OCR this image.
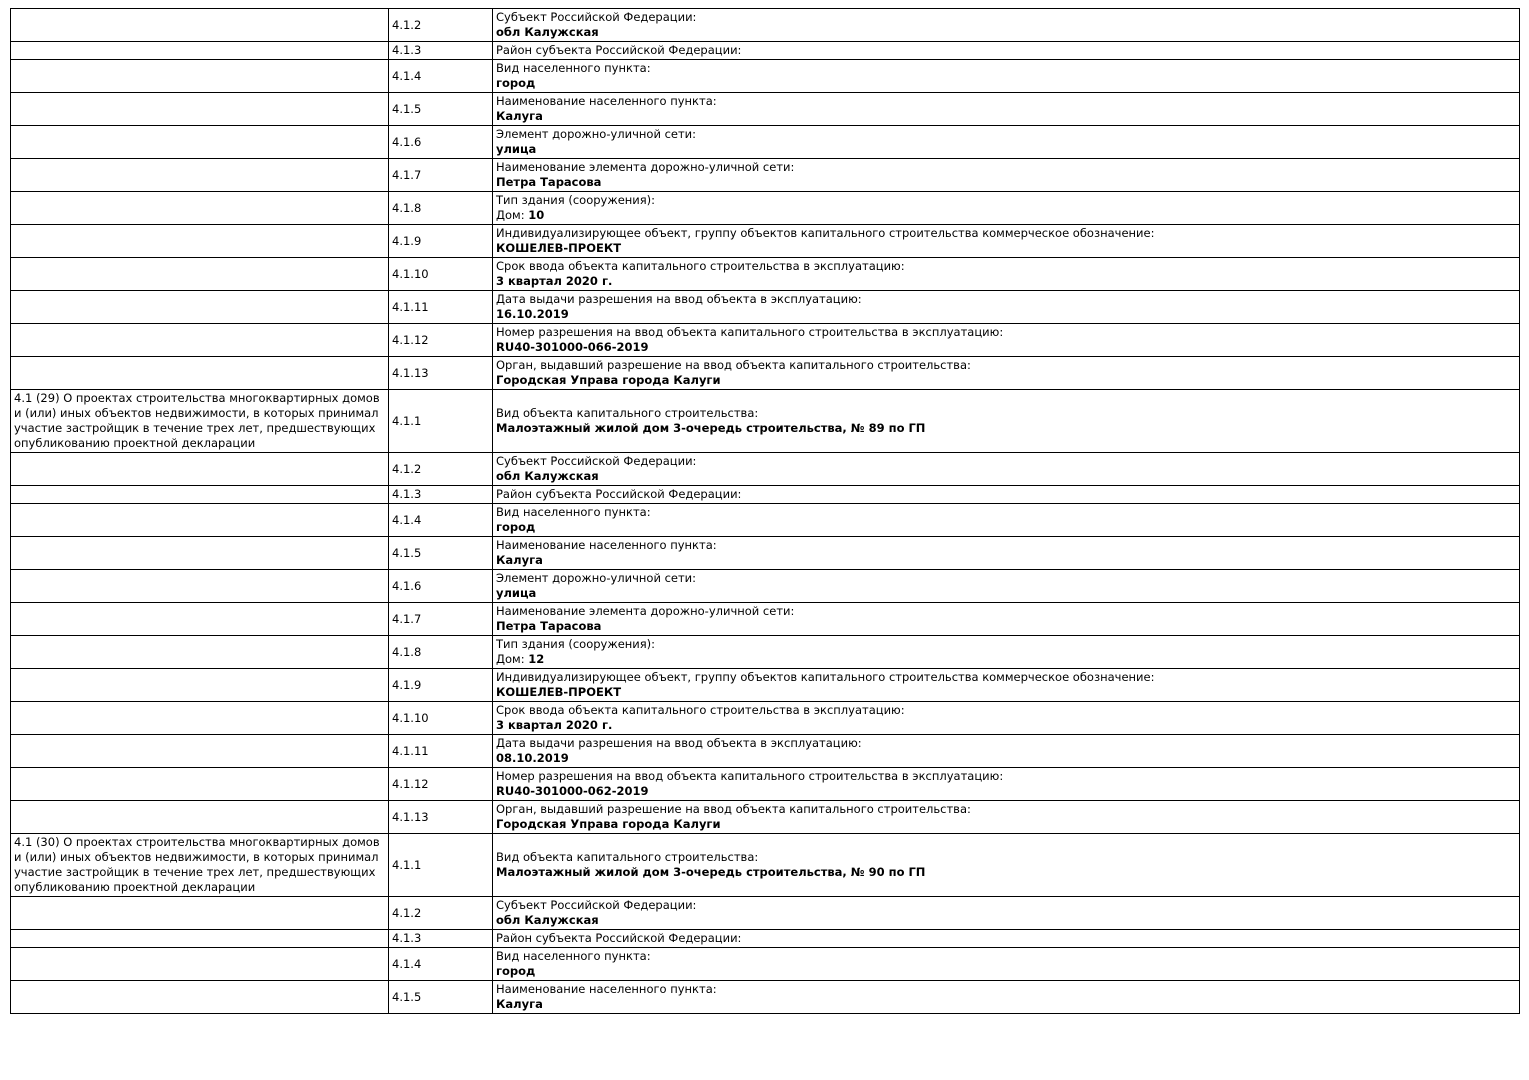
	4.1.2	Субъект Российской Федерации:
обл Калужская

	4.1.3	Район субъекта Российской Федерации:

	4.1.4	Вид населенного пункта:
город

	4.1.5	Наименование населенного пункта:
Калуга

	4.1.6	Элемент дорожно-уличной сети:
улица

	4.1.7	Наименование элемента дорожно-уличной сети:
Петра Тарасова

	4.1.8	Тип здания (сооружения):
Дом: 10

	4.1.9	Индивидуализирующее объект, группу объектов капитального строительства коммерческое обозначение:
КОШЕЛЕВ-ПРОЕКТ

	4.1.10	Срок ввода объекта капитального строительства в эксплуатацию:
3 квартал 2020 г.

	4.1.11	Дата выдачи разрешения на ввод объекта в эксплуатацию:
16.10.2019

	4.1.12	Номер разрешения на ввод объекта капитального строительства в эксплуатацию:
RU40-301000-066-2019

	4.1.13	Орган, выдавший разрешение на ввод объекта капитального строительства:
Городская Управа города Калуги

4.1 (29) О проектах строительства многоквартирных домов и (или) иных объектов недвижимости, в которых принимал участие застройщик в течение трех лет, предшествующих опубликованию проектной декларации	4.1.1	Вид объекта капитального строительства:
Малоэтажный жилой дом 3-очередь строительства, № 89 по ГП

	4.1.2	Субъект Российской Федерации:
обл Калужская

	4.1.3	Район субъекта Российской Федерации:

	4.1.4	Вид населенного пункта:
город

	4.1.5	Наименование населенного пункта:
Калуга

	4.1.6	Элемент дорожно-уличной сети:
улица

	4.1.7	Наименование элемента дорожно-уличной сети:
Петра Тарасова

	4.1.8	Тип здания (сооружения):
Дом: 12

	4.1.9	Индивидуализирующее объект, группу объектов капитального строительства коммерческое обозначение:
КОШЕЛЕВ-ПРОЕКТ

	4.1.10	Срок ввода объекта капитального строительства в эксплуатацию:
3 квартал 2020 г.

	4.1.11	Дата выдачи разрешения на ввод объекта в эксплуатацию:
08.10.2019

	4.1.12	Номер разрешения на ввод объекта капитального строительства в эксплуатацию:
RU40-301000-062-2019

	4.1.13	Орган, выдавший разрешение на ввод объекта капитального строительства:
Городская Управа города Калуги

4.1 (30) О проектах строительства многоквартирных домов и (или) иных объектов недвижимости, в которых принимал участие застройщик в течение трех лет, предшествующих опубликованию проектной декларации	4.1.1	Вид объекта капитального строительства:
Малоэтажный жилой дом 3-очередь строительства, № 90 по ГП

	4.1.2	Субъект Российской Федерации:
обл Калужская

	4.1.3	Район субъекта Российской Федерации:

	4.1.4	Вид населенного пункта:
город

	4.1.5	Наименование населенного пункта:
Калуга
